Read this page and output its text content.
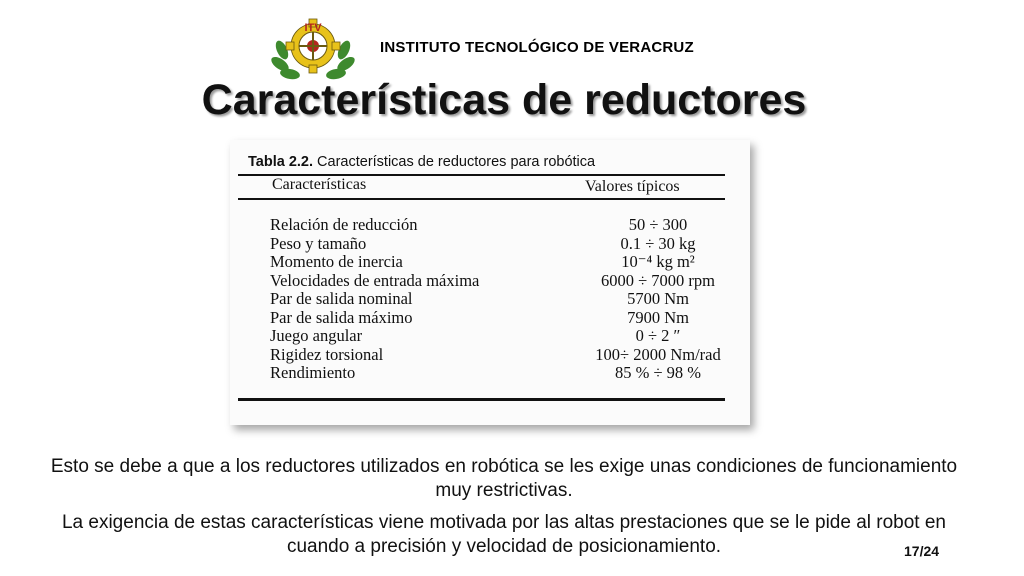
ITV
INSTITUTO TECNOLÓGICO DE VERACRUZ
Características de reductores
Tabla 2.2. Características de reductores para robótica
Características	Valores típicos
Relación de reducción	50 ÷ 300
Peso y tamaño	0.1 ÷ 30 kg
Momento de inercia	10⁻⁴ kg m²
Velocidades de entrada máxima	6000 ÷ 7000 rpm
Par de salida nominal	5700 Nm
Par de salida máximo	7900 Nm
Juego angular	0 ÷ 2 ″
Rigidez torsional	100÷ 2000 Nm/rad
Rendimiento	85 % ÷ 98 %
Esto se debe a que a los reductores utilizados en robótica se les exige unas condiciones de funcionamiento muy restrictivas.
La exigencia de estas características viene motivada por las altas prestaciones que se le pide al robot en cuando a precisión y velocidad de posicionamiento.	17/24
